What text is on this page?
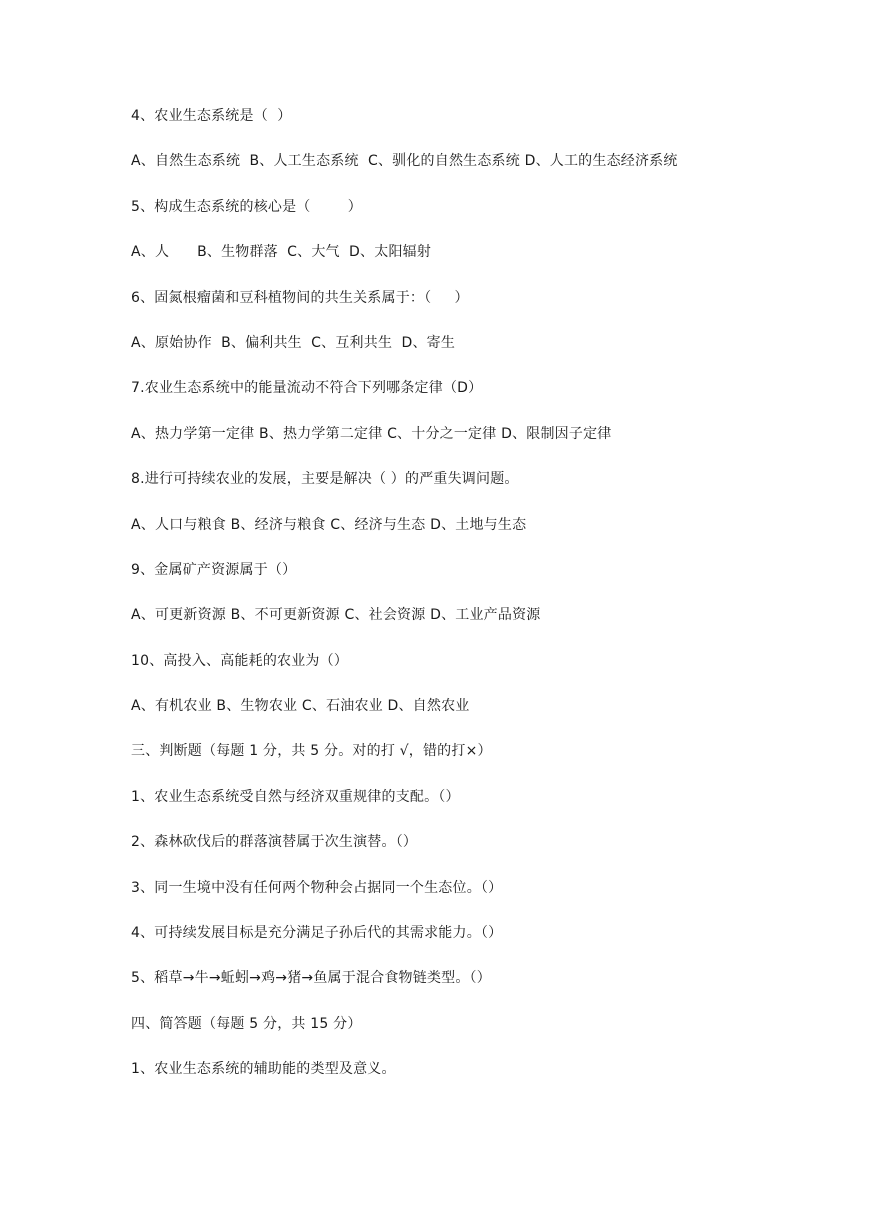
4、农业生态系统是（  ）
A、自然生态系统  B、人工生态系统  C、驯化的自然生态系统 D、人工的生态经济系统
5、构成生态系统的核心是（        ）
A、人      B、生物群落  C、大气  D、太阳辐射
6、固氮根瘤菌和豆科植物间的共生关系属于：（     ）
A、原始协作  B、偏利共生  C、互利共生  D、寄生
7.农业生态系统中的能量流动不符合下列哪条定律（D）
A、热力学第一定律 B、热力学第二定律 C、十分之一定律 D、限制因子定律
8.进行可持续农业的发展，主要是解决（ ）的严重失调问题。
A、人口与粮食 B、经济与粮食 C、经济与生态 D、土地与生态
9、金属矿产资源属于（）
A、可更新资源 B、不可更新资源 C、社会资源 D、工业产品资源
10、高投入、高能耗的农业为（）
A、有机农业 B、生物农业 C、石油农业 D、自然农业
三、判断题（每题 1 分，共 5 分。对的打 √，错的打×）
1、农业生态系统受自然与经济双重规律的支配。（）
2、森林砍伐后的群落演替属于次生演替。（）
3、同一生境中没有任何两个物种会占据同一个生态位。（）
4、可持续发展目标是充分满足子孙后代的其需求能力。（）
5、稻草→牛→蚯蚓→鸡→猪→鱼属于混合食物链类型。（）
四、简答题（每题 5 分，共 15 分）
1、农业生态系统的辅助能的类型及意义。
